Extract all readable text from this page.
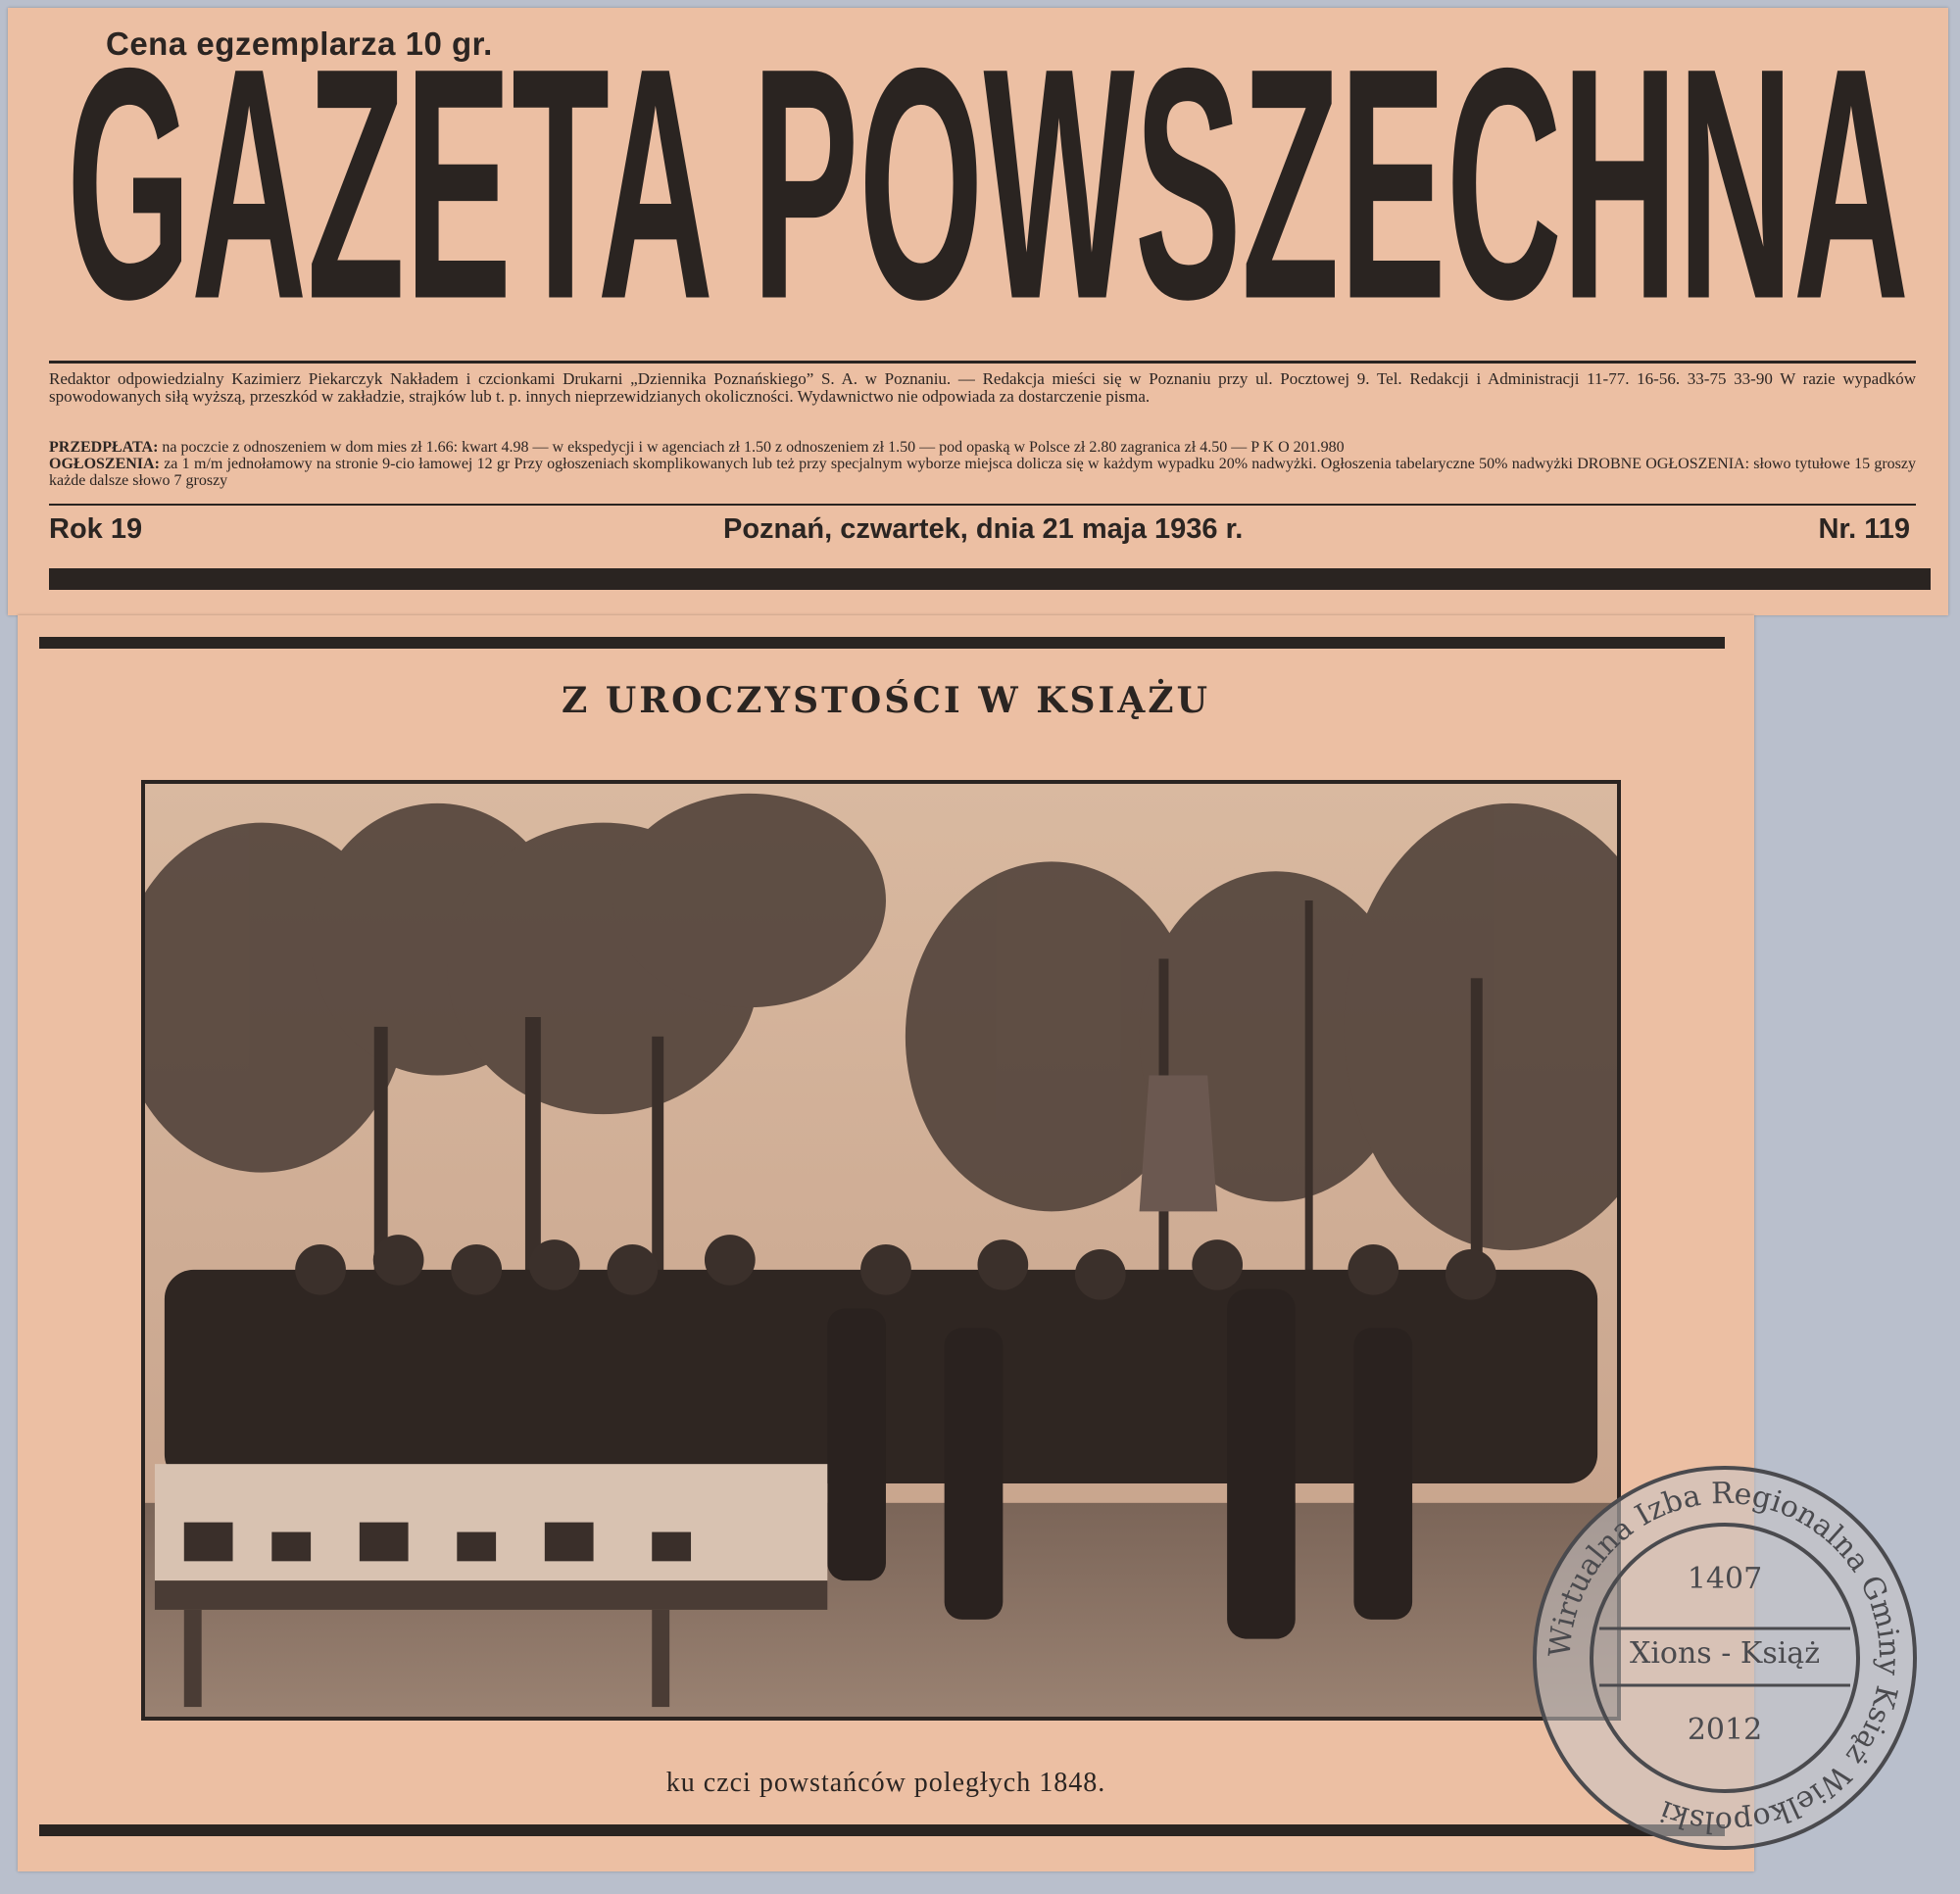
Cena egzemplarza 10 gr.
GAZETA POWSZECHNA
Redaktor odpowiedzialny Kazimierz Piekarczyk Nakładem i czcionkami Drukarni „Dziennika Poznańskiego” S. A. w Poznaniu. — Redakcja mieści się w Poznaniu przy ul. Pocztowej 9. Tel. Redakcji i Administracji 11-77. 16-56. 33-75 33-90 W razie wypadków spowodowanych siłą wyższą, przeszkód w zakładzie, strajków lub t. p. innych nieprzewidzianych okoliczności. Wydawnictwo nie odpowiada za dostarczenie pisma.
PRZEDPŁATA: na poczcie z odnoszeniem w dom mies zł 1.66: kwart 4.98 — w ekspedycji i w agenciach zł 1.50 z odnoszeniem zł 1.50 — pod opaską w Polsce zł 2.80 zagranica zł 4.50 — P K O 201.980
OGŁOSZENIA: za 1 m/m jednołamowy na stronie 9-cio łamowej 12 gr Przy ogłoszeniach skomplikowanych lub też przy specjalnym wyborze miejsca dolicza się w każdym wypadku 20% nadwyżki. Ogłoszenia tabelaryczne 50% nadwyżki DROBNE OGŁOSZENIA: słowo tytułowe 15 groszy każde dalsze słowo 7 groszy
Rok 19	Poznań, czwartek, dnia 21 maja 1936 r.	Nr. 119
Z UROCZYSTOŚCI W KSIĄŻU
ku czci powstańców poległych 1848.
Wirtualna Izba Regionalna Gminy Książ Wielkopolski
1407
Xions - Książ
2012
